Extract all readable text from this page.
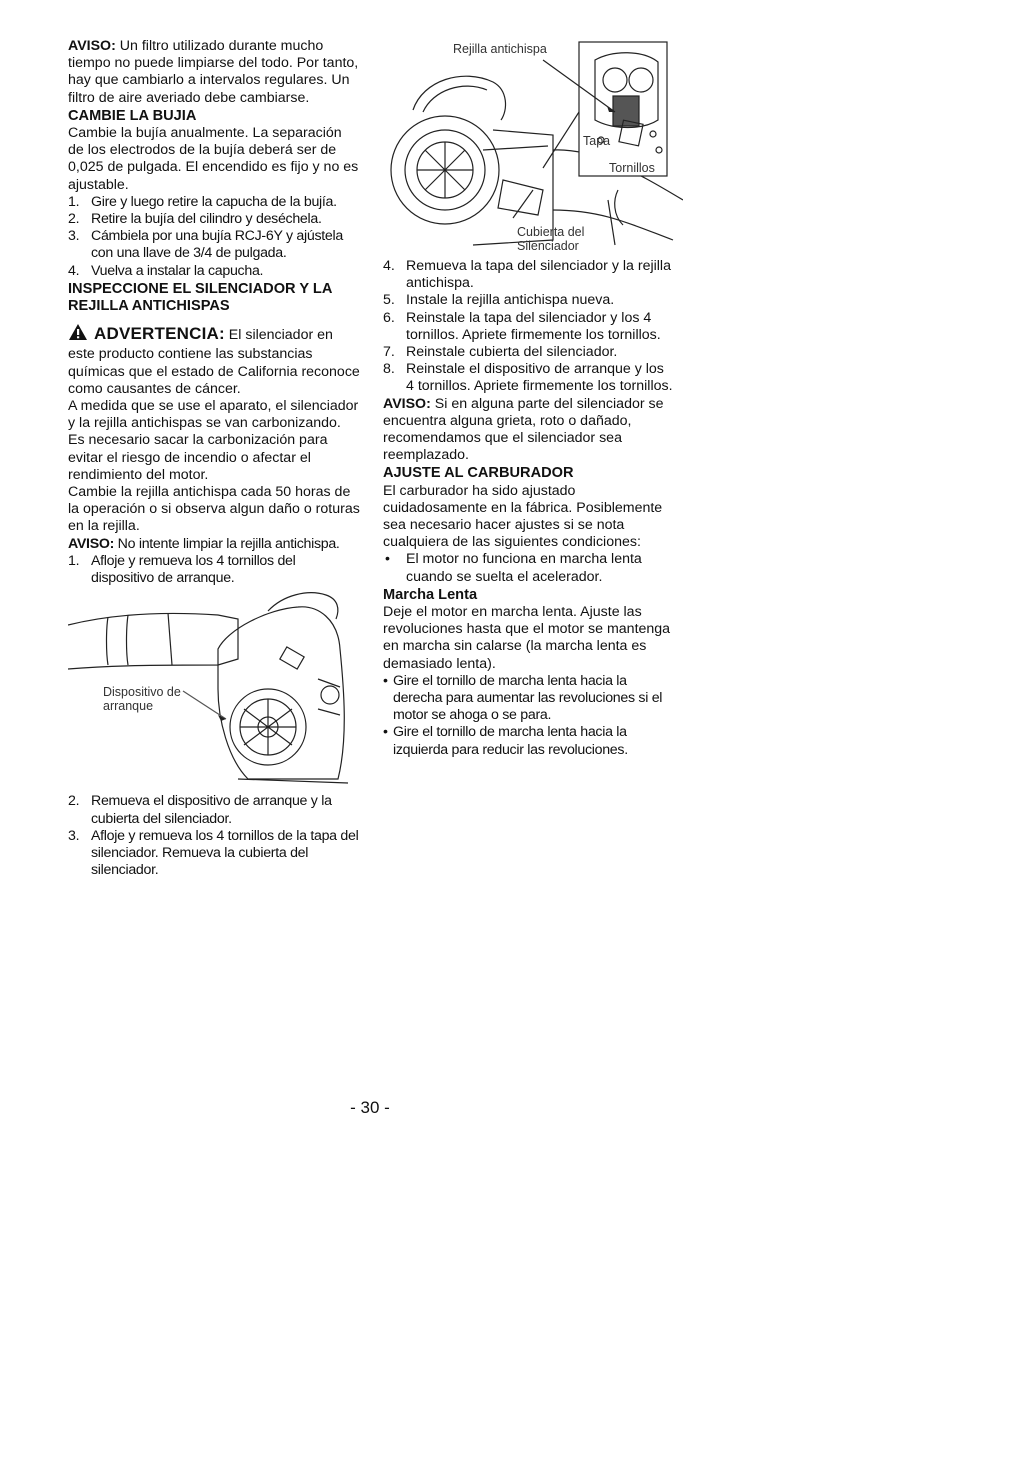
AVISO: Un filtro utilizado durante mucho tiempo no puede limpiarse del todo. Por tanto, hay que cambiarlo a intervalos regulares. Un filtro de aire averiado debe cambiarse.

CAMBIE LA BUJIA

Cambie la bujía anualmente. La separación de los electrodos de la bujía deberá ser de 0,025 de pulgada. El encendido es fijo y no es ajustable.

1. Gire y luego retire la capucha de la bujía.
2. Retire la bujía del cilindro y deséchela.
3. Cámbiela por una bujía RCJ-6Y y ajústela con una llave de 3/4 de pulgada.
4. Vuelva a instalar la capucha.

INSPECCIONE EL SILENCIADOR Y LA REJILLA ANTICHISPAS

ADVERTENCIA: El silenciador en este producto contiene las substancias químicas que el estado de California reconoce como causantes de cáncer.

A medida que se use el aparato, el silenciador y la rejilla antichispas se van carbonizando. Es necesario sacar la carbonización para evitar el riesgo de incendio o afectar el rendimiento del motor.

Cambie la rejilla antichispa cada 50 horas de la operación o si observa algun daño o roturas en la rejilla.

AVISO: No intente limpiar la rejilla antichispa.

1. Afloje y remueva los 4 tornillos del dispositivo de arranque.
Dispositivo de arranque
2. Remueva el dispositivo de arranque y la cubierta del silenciador.
3. Afloje y remueva los 4 tornillos de la tapa del silenciador. Remueva la cubierta del silenciador.
Rejilla antichispa
Tapa
Tornillos
Cubierta del Silenciador
4. Remueva la tapa del silenciador y la rejilla antichispa.
5. Instale la rejilla antichispa nueva.
6. Reinstale la tapa del silenciador y los 4 tornillos. Apriete firmemente los tornillos.
7. Reinstale cubierta del silenciador.
8. Reinstale el dispositivo de arranque y los 4 tornillos. Apriete firmemente los tornillos.

AVISO: Si en alguna parte del silenciador se encuentra alguna grieta, roto o dañado, recomendamos que el silenciador sea reemplazado.

AJUSTE AL CARBURADOR

El carburador ha sido ajustado cuidadosamente en la fábrica. Posiblemente sea necesario hacer ajustes si se nota cualquiera de las siguientes condiciones:

• El motor no funciona en marcha lenta cuando se suelta el acelerador.

Marcha Lenta

Deje el motor en marcha lenta. Ajuste las revoluciones hasta que el motor se mantenga en marcha sin calarse (la marcha lenta es demasiado lenta).

• Gire el tornillo de marcha lenta hacia la derecha para aumentar las revoluciones si el motor se ahoga o se para.
• Gire el tornillo de marcha lenta hacia la izquierda para reducir las revoluciones.
- 30 -
